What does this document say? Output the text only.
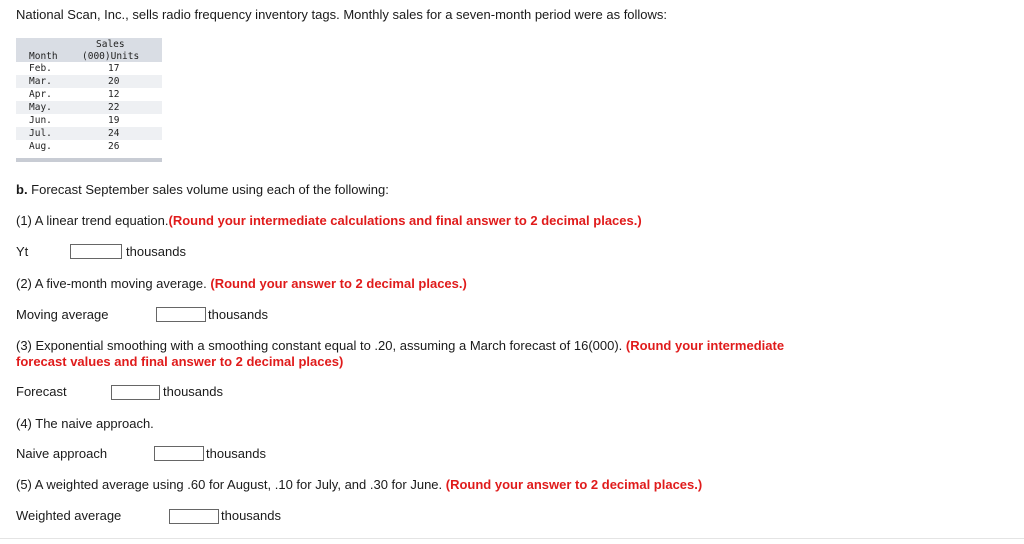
National Scan, Inc., sells radio frequency inventory tags. Monthly sales for a seven-month period were as follows:
Sales
Month	(000)Units
Feb.	17
Mar.	20
Apr.	12
May.	22
Jun.	19
Jul.	24
Aug.	26
b. Forecast September sales volume using each of the following:
(1) A linear trend equation.(Round your intermediate calculations and final answer to 2 decimal places.)
Yt	thousands
(2) A five-month moving average. (Round your answer to 2 decimal places.)
Moving average	thousands
(3) Exponential smoothing with a smoothing constant equal to .20, assuming a March forecast of 16(000). (Round your intermediate forecast values and final answer to 2 decimal places)
Forecast	thousands
(4) The naive approach.
Naive approach	thousands
(5) A weighted average using .60 for August, .10 for July, and .30 for June. (Round your answer to 2 decimal places.)
Weighted average	thousands
